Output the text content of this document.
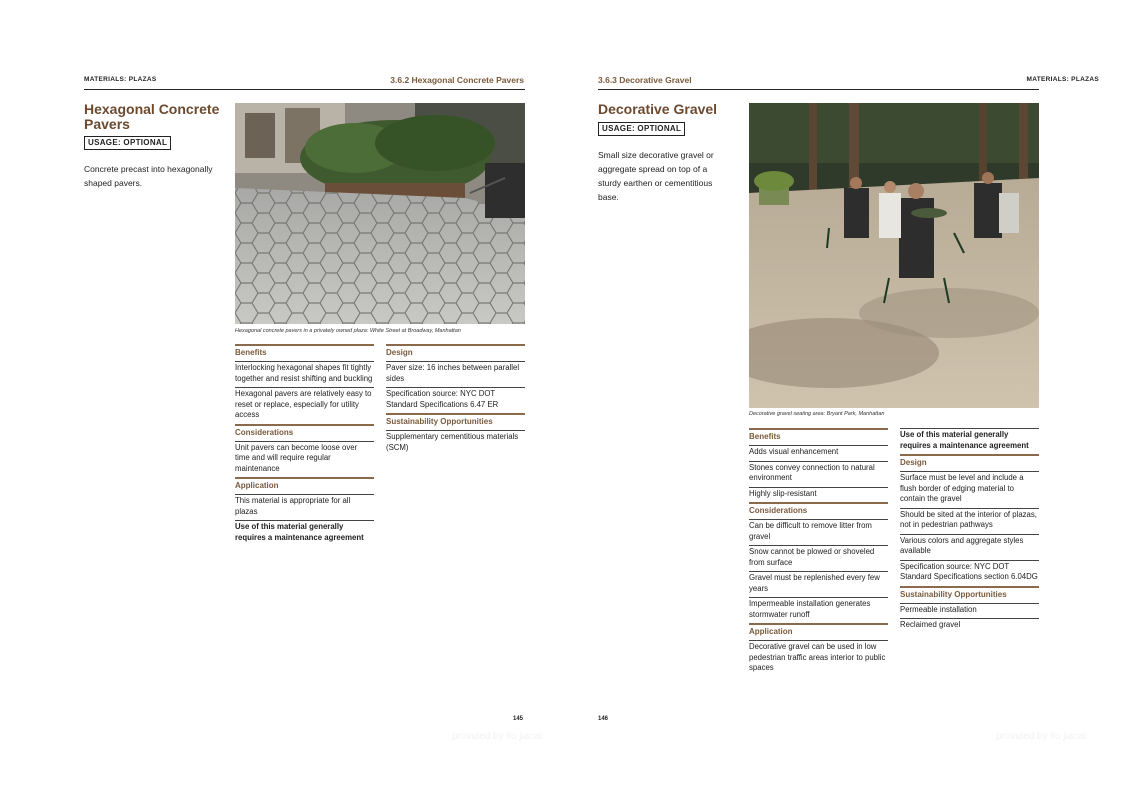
MATERIALS: PLAZAS	3.6.2 Hexagonal Concrete Pavers
Hexagonal Concrete
Pavers
USAGE: OPTIONAL

Concrete precast into hexagonally shaped pavers.

Hexagonal concrete pavers in a privately owned plaza: White Street at Broadway, Manhattan
Benefits
Interlocking hexagonal shapes fit tightly together and resist shifting and buckling
Hexagonal pavers are relatively easy to reset or replace, especially for utility access
Considerations
Unit pavers can become loose over time and will require regular maintenance
Application
This material is appropriate for all plazas
Use of this material generally requires a maintenance agreement
Design
Paver size: 16 inches between parallel sides
Specification source: NYC DOT Standard Specifications 6.47 ER
Sustainability Opportunities
Supplementary cementitious materials (SCM)
145
provided by liu jiacai
3.6.3 Decorative Gravel	MATERIALS: PLAZAS
Decorative Gravel
USAGE: OPTIONAL

Small size decorative gravel or aggregate spread on top of a sturdy earthen or cementitious base.

Decorative gravel seating area: Bryant Park, Manhattan
Benefits
Adds visual enhancement
Stones convey connection to natural environment
Highly slip-resistant
Considerations
Can be difficult to remove litter from gravel
Snow cannot be plowed or shoveled from surface
Gravel must be replenished every few years
Impermeable installation generates stormwater runoff
Application
Decorative gravel can be used in low pedestrian traffic areas interior to public spaces
Use of this material generally requires a maintenance agreement
Design
Surface must be level and include a flush border of edging material to contain the gravel
Should be sited at the interior of plazas, not in pedestrian pathways
Various colors and aggregate styles available
Specification source: NYC DOT Standard Specifications section 6.04DG
Sustainability Opportunities
Permeable installation
Reclaimed gravel
146
provided by liu jiacai
